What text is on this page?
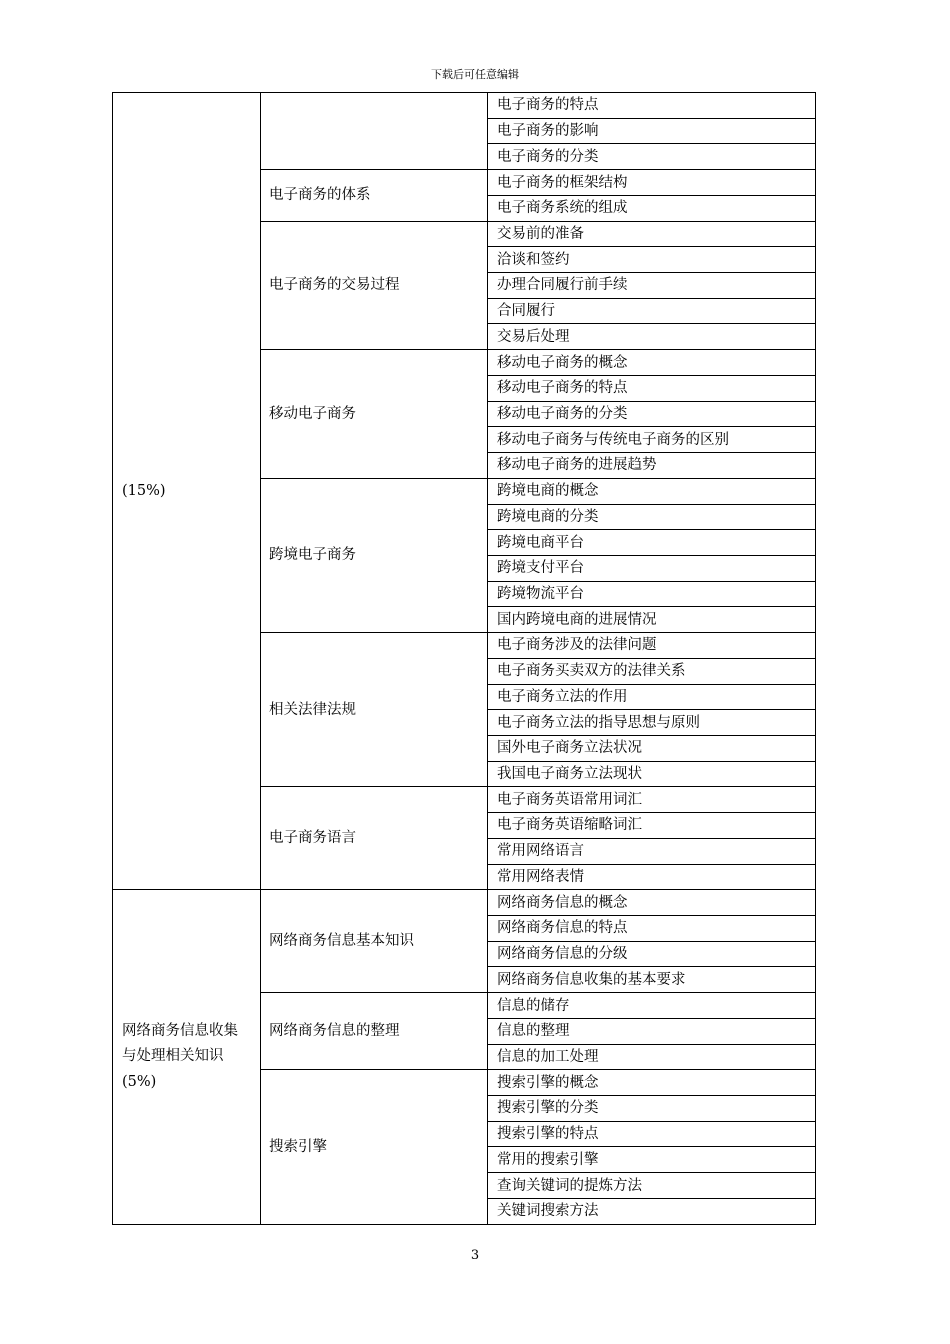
下载后可任意编辑
(15%)		电子商务的特点
		电子商务的影响
		电子商务的分类
	电子商务的体系	电子商务的框架结构
		电子商务系统的组成
	电子商务的交易过程	交易前的准备
		洽谈和签约
		办理合同履行前手续
		合同履行
		交易后处理
	移动电子商务	移动电子商务的概念
		移动电子商务的特点
		移动电子商务的分类
		移动电子商务与传统电子商务的区别
		移动电子商务的进展趋势
	跨境电子商务	跨境电商的概念
		跨境电商的分类
		跨境电商平台
		跨境支付平台
		跨境物流平台
		国内跨境电商的进展情况
	相关法律法规	电子商务涉及的法律问题
		电子商务买卖双方的法律关系
		电子商务立法的作用
		电子商务立法的指导思想与原则
		国外电子商务立法状况
		我国电子商务立法现状
	电子商务语言	电子商务英语常用词汇
		电子商务英语缩略词汇
		常用网络语言
		常用网络表情

网络商务信息收集
与处理相关知识
(5%)	网络商务信息基本知识	网络商务信息的概念
		网络商务信息的特点
		网络商务信息的分级
		网络商务信息收集的基本要求
	网络商务信息的整理	信息的储存
		信息的整理
		信息的加工处理
	搜索引擎	搜索引擎的概念
		搜索引擎的分类
		搜索引擎的特点
		常用的搜索引擎
		查询关键词的提炼方法
		关键词搜索方法
3
